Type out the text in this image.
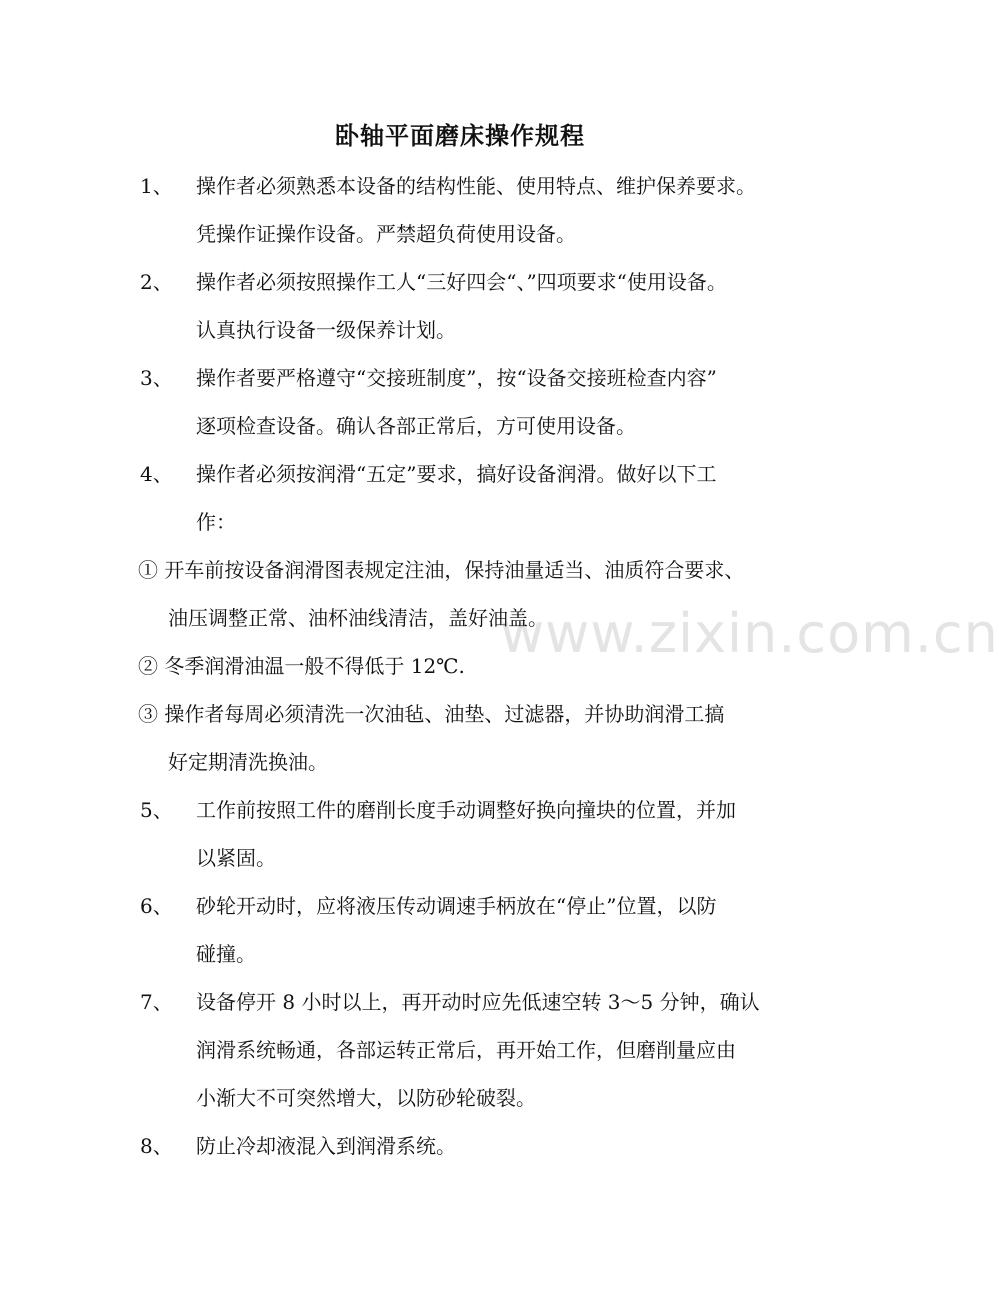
www.zixin.com.cn
卧轴平面磨床操作规程
1、 操作者必须熟悉本设备的结构性能、使用特点、维护保养要求。
凭操作证操作设备。严禁超负荷使用设备。
2、 操作者必须按照操作工人“三好四会“、”四项要求“使用设备。
认真执行设备一级保养计划。
3、 操作者要严格遵守“交接班制度”，按“设备交接班检查内容”
逐项检查设备。确认各部正常后，方可使用设备。
4、 操作者必须按润滑“五定”要求，搞好设备润滑。做好以下工
作：
① 开车前按设备润滑图表规定注油，保持油量适当、油质符合要求、
油压调整正常、油杯油线清洁，盖好油盖。
② 冬季润滑油温一般不得低于 12℃.
③ 操作者每周必须清洗一次油毡、油垫、过滤器，并协助润滑工搞
好定期清洗换油。
5、 工作前按照工件的磨削长度手动调整好换向撞块的位置，并加
以紧固。
6、 砂轮开动时，应将液压传动调速手柄放在“停止”位置，以防
碰撞。
7、 设备停开 8 小时以上，再开动时应先低速空转 3～5 分钟，确认
润滑系统畅通，各部运转正常后，再开始工作，但磨削量应由
小渐大不可突然增大，以防砂轮破裂。
8、 防止冷却液混入到润滑系统。
